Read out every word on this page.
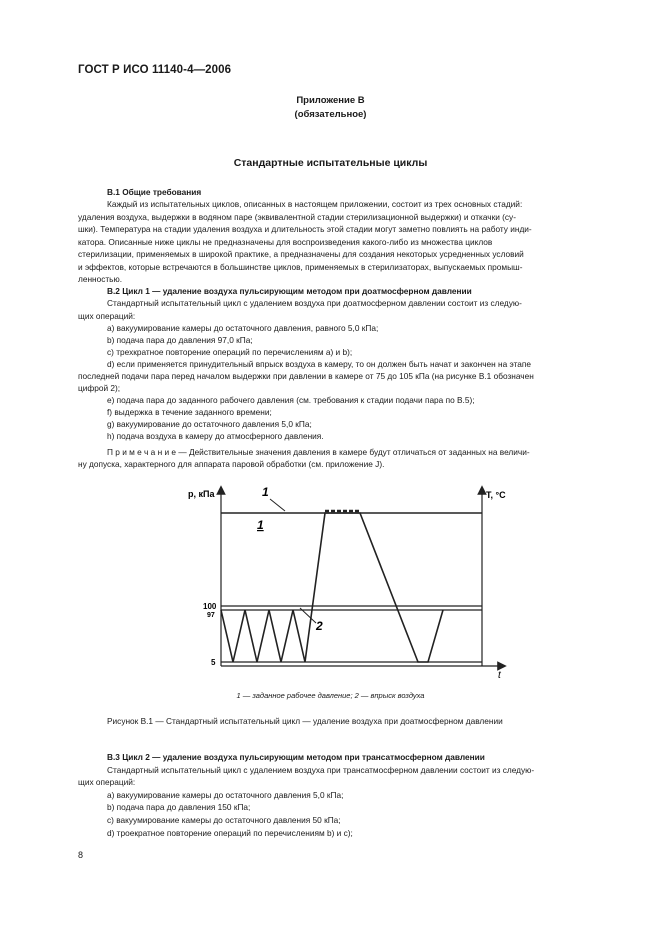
ГОСТ Р ИСО 11140-4—2006
Приложение В
(обязательное)
Стандартные испытательные циклы
В.1 Общие требования
Каждый из испытательных циклов, описанных в настоящем приложении, состоит из трех основных стадий:
удаления воздуха, выдержки в водяном паре (эквивалентной стадии стерилизационной выдержки) и откачки (су-
шки). Температура на стадии удаления воздуха и длительность этой стадии могут заметно повлиять на работу инди-
катора. Описанные ниже циклы не предназначены для воспроизведения какого-либо из множества циклов
стерилизации, применяемых в широкой практике, а предназначены для создания некоторых усредненных условий
и эффектов, которые встречаются в большинстве циклов, применяемых в стерилизаторах, выпускаемых промыш-
ленностью.
В.2 Цикл 1 — удаление воздуха пульсирующим методом при доатмосферном давлении
Стандартный испытательный цикл с удалением воздуха при доатмосферном давлении состоит из следую-
щих операций:
а) вакуумирование камеры до остаточного давления, равного 5,0 кПа;
b) подача пара до давления 97,0 кПа;
с) трехкратное повторение операций по перечислениям а) и b);
d) если применяется принудительный впрыск воздуха в камеру, то он должен быть начат и закончен на этапе
последней подачи пара перед началом выдержки при давлении в камере от 75 до 105 кПа (на рисунке В.1 обозначен
цифрой 2);
е) подача пара до заданного рабочего давления (см. требования к стадии подачи пара по В.5);
f) выдержка в течение заданного времени;
g) вакуумирование до остаточного давления 5,0 кПа;
h) подача воздуха в камеру до атмосферного давления.
П р и м е ч а н и е — Действительные значения давления в камере будут отличаться от заданных на величи-
ну допуска, характерного для аппарата паровой обработки (см. приложение J).
p, кПа	T, °C
t
100
97
5
1
1
2
1 — заданное рабочее давление; 2 — впрыск воздуха
Рисунок В.1 — Стандартный испытательный цикл — удаление воздуха при доатмосферном давлении
В.3 Цикл 2 — удаление воздуха пульсирующим методом при трансатмосферном давлении
Стандартный испытательный цикл с удалением воздуха при трансатмосферном давлении состоит из следую-
щих операций:
а) вакуумирование камеры до остаточного давления 5,0 кПа;
b) подача пара до давления 150 кПа;
с) вакуумирование камеры до остаточного давления 50 кПа;
d) троекратное повторение операций по перечислениям b) и с);
8
